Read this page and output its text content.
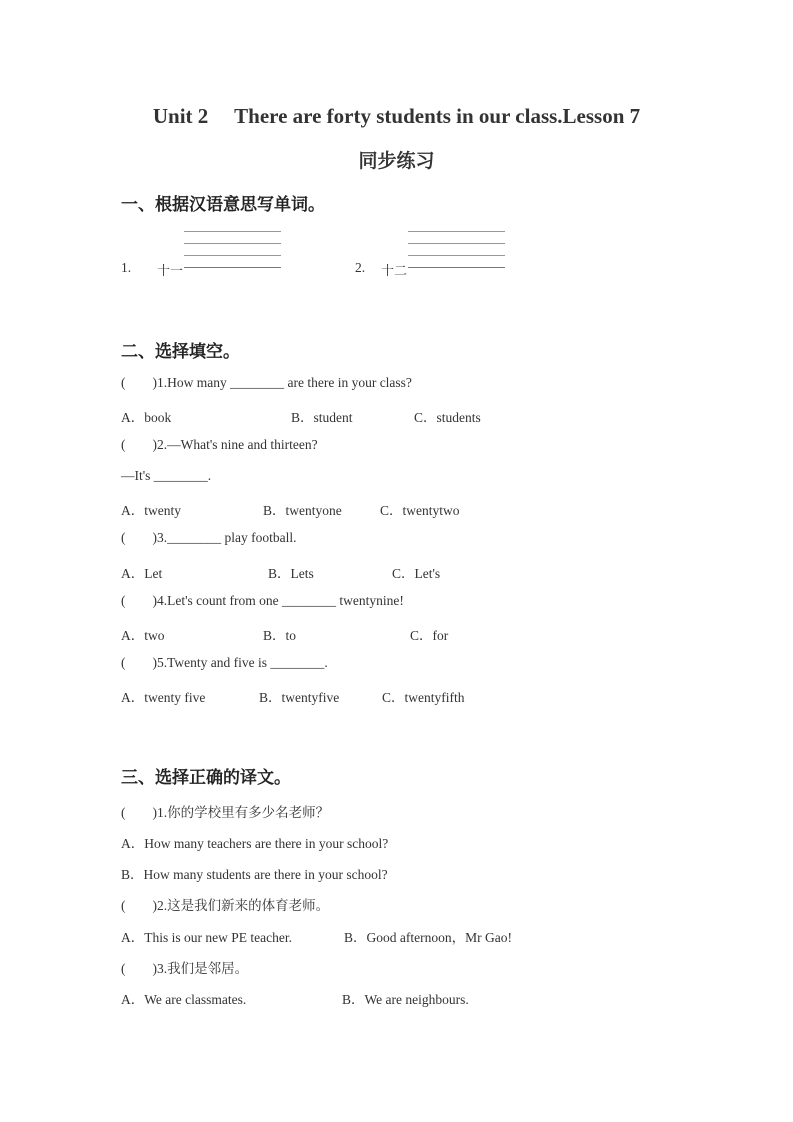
Unit 2  There are forty students in our class.Lesson 7
同步练习
一、根据汉语意思写单词。
1. 十一	2. 十二
二、选择填空。
(  )1.How many ________ are there in your class?
A．book	B．student	C．students
(  )2.—What's nine and thirteen?
—It's ________.
A．twenty	B．twentyone	C．twentytwo
(  )3.________ play football.
A．Let	B．Lets	C．Let's
(  )4.Let's count from one ________ twentynine!
A．two	B．to	C．for
(  )5.Twenty and five is ________.
A．twenty five	B．twentyfive	C．twentyfifth
三、选择正确的译文。
(  )1.你的学校里有多少名老师？
A．How many teachers are there in your school?
B．How many students are there in your school?
(  )2.这是我们新来的体育老师。
A．This is our new PE teacher.	B．Good afternoon，Mr Gao!
(  )3.我们是邻居。
A．We are classmates.	B．We are neighbours.
